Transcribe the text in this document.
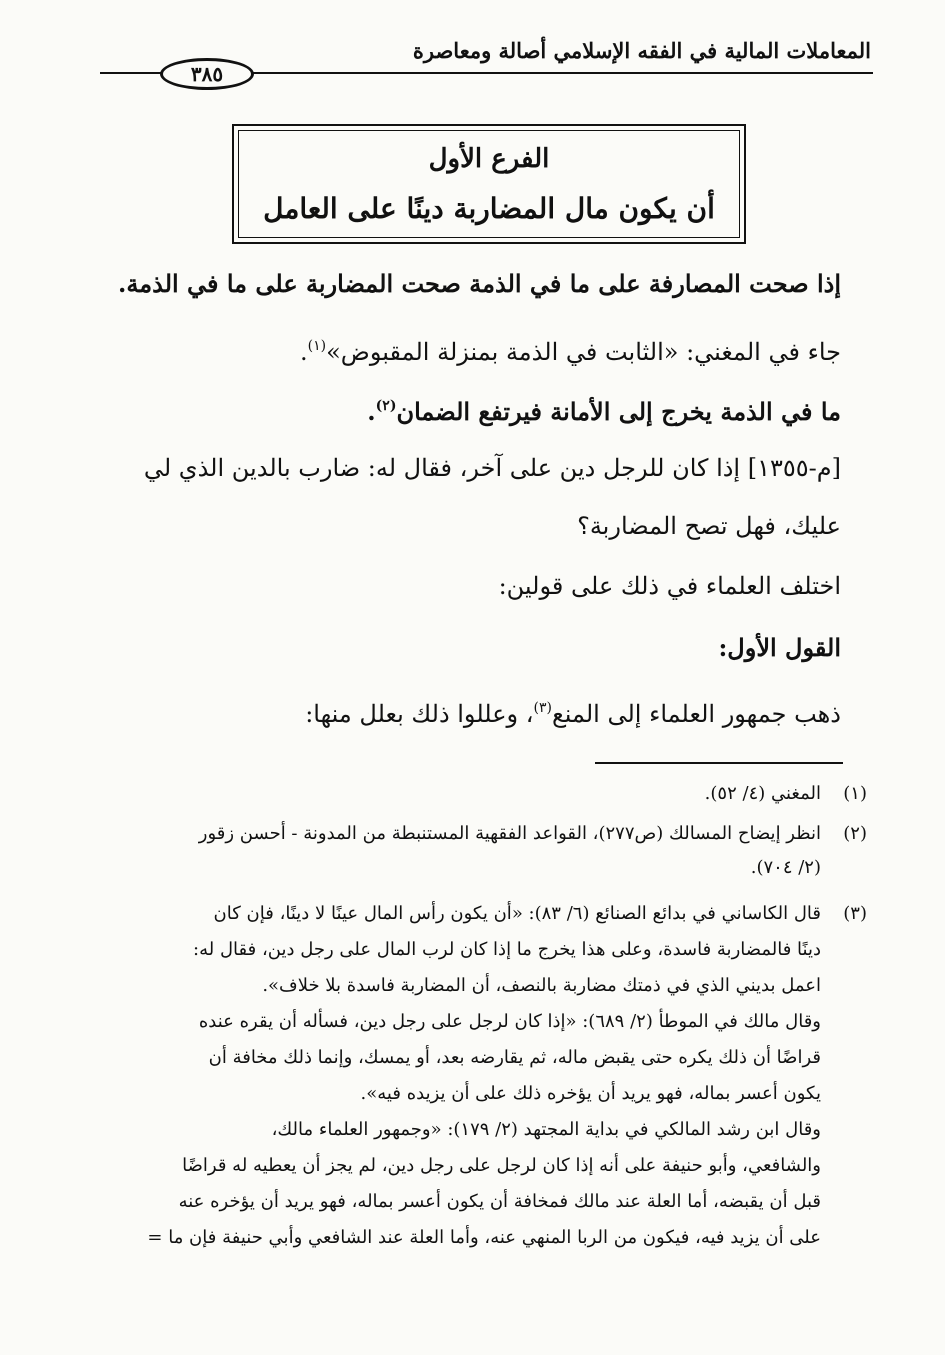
المعاملات المالية في الفقه الإسلامي أصالة ومعاصرة
٣٨٥
الفرع الأول
أن يكون مال المضاربة دينًا على العامل
إذا صحت المصارفة على ما في الذمة صحت المضاربة على ما في الذمة.
جاء في المغني: «الثابت في الذمة بمنزلة المقبوض»$^{(١)}$.
ما في الذمة يخرج إلى الأمانة فيرتفع الضمان$^{(٢)}$.
[م-١٣٥٥] إذا كان للرجل دين على آخر، فقال له: ضارب بالدين الذي لي
عليك، فهل تصح المضاربة؟
اختلف العلماء في ذلك على قولين:
القول الأول:
ذهب جمهور العلماء إلى المنع$^{(٣)}$، وعللوا ذلك بعلل منها:
(١)
المغني (٤/ ٥٢).
(٢)
انظر إيضاح المسالك (ص٢٧٧)، القواعد الفقهية المستنبطة من المدونة - أحسن زقور
(٢/ ٧٠٤).
(٣)
قال الكاساني في بدائع الصنائع (٦/ ٨٣): «أن يكون رأس المال عينًا لا دينًا، فإن كان
دينًا فالمضاربة فاسدة، وعلى هذا يخرج ما إذا كان لرب المال على رجل دين، فقال له:
اعمل بديني الذي في ذمتك مضاربة بالنصف، أن المضاربة فاسدة بلا خلاف».
وقال مالك في الموطأ (٢/ ٦٨٩): «إذا كان لرجل على رجل دين، فسأله أن يقره عنده
قراضًا أن ذلك يكره حتى يقبض ماله، ثم يقارضه بعد، أو يمسك، وإنما ذلك مخافة أن
يكون أعسر بماله، فهو يريد أن يؤخره ذلك على أن يزيده فيه».
وقال ابن رشد المالكي في بداية المجتهد (٢/ ١٧٩): «وجمهور العلماء مالك،
والشافعي، وأبو حنيفة على أنه إذا كان لرجل على رجل دين، لم يجز أن يعطيه له قراضًا
قبل أن يقبضه، أما العلة عند مالك فمخافة أن يكون أعسر بماله، فهو يريد أن يؤخره عنه
على أن يزيد فيه، فيكون من الربا المنهي عنه، وأما العلة عند الشافعي وأبي حنيفة فإن ما =
